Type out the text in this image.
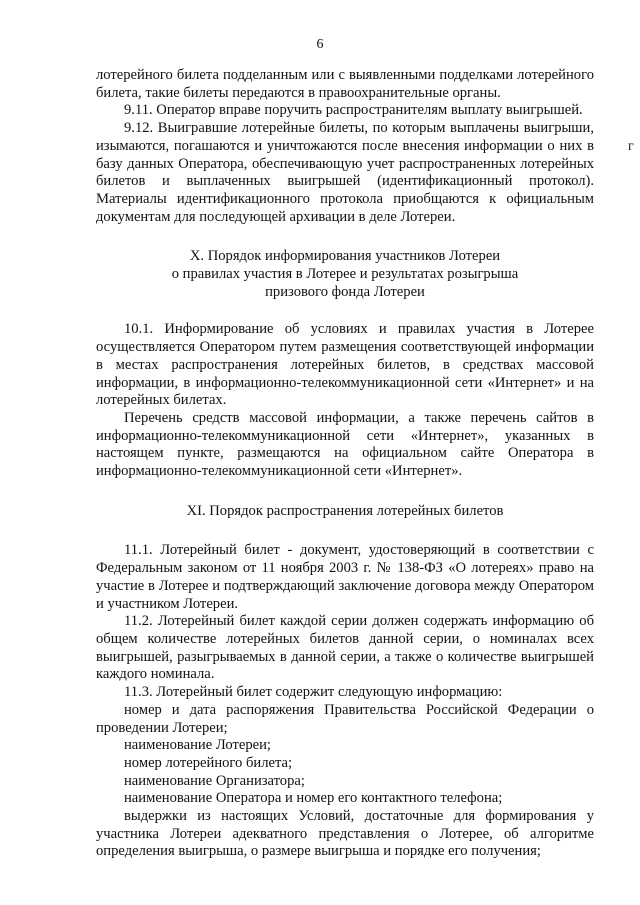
6
г

лотерейного билета подделанным или с выявленными подделками лотерейного билета, такие билеты передаются в правоохранительные органы.

9.11. Оператор вправе поручить распространителям выплату выигрышей.

9.12. Выигравшие лотерейные билеты, по которым выплачены выигрыши, изымаются, погашаются и уничтожаются после внесения информации о них в базу данных Оператора, обеспечивающую учет распространенных лотерейных билетов и выплаченных выигрышей (идентификационный протокол). Материалы идентификационного протокола приобщаются к официальным документам для последующей архивации в деле Лотереи.

X. Порядок информирования участников Лотереи
о правилах участия в Лотерее и результатах розыгрыша
призового фонда Лотереи

10.1. Информирование об условиях и правилах участия в Лотерее осуществляется Оператором путем размещения соответствующей информации в местах распространения лотерейных билетов, в средствах массовой информации, в информационно-телекоммуникационной сети «Интернет» и на лотерейных билетах.

Перечень средств массовой информации, а также перечень сайтов в информационно-телекоммуникационной сети «Интернет», указанных в настоящем пункте, размещаются на официальном сайте Оператора в информационно-телекоммуникационной сети «Интернет».

XI. Порядок распространения лотерейных билетов

11.1. Лотерейный билет - документ, удостоверяющий в соответствии с Федеральным законом от 11 ноября 2003 г. № 138-ФЗ «О лотереях» право на участие в Лотерее и подтверждающий заключение договора между Оператором и участником Лотереи.

11.2. Лотерейный билет каждой серии должен содержать информацию об общем количестве лотерейных билетов данной серии, о номиналах всех выигрышей, разыгрываемых в данной серии, а также о количестве выигрышей каждого номинала.

11.3. Лотерейный билет содержит следующую информацию:

номер и дата распоряжения Правительства Российской Федерации о проведении Лотереи;

наименование Лотереи;

номер лотерейного билета;

наименование Организатора;

наименование Оператора и номер его контактного телефона;

выдержки из настоящих Условий, достаточные для формирования у участника Лотереи адекватного представления о Лотерее, об алгоритме определения выигрыша, о размере выигрыша и порядке его получения;
